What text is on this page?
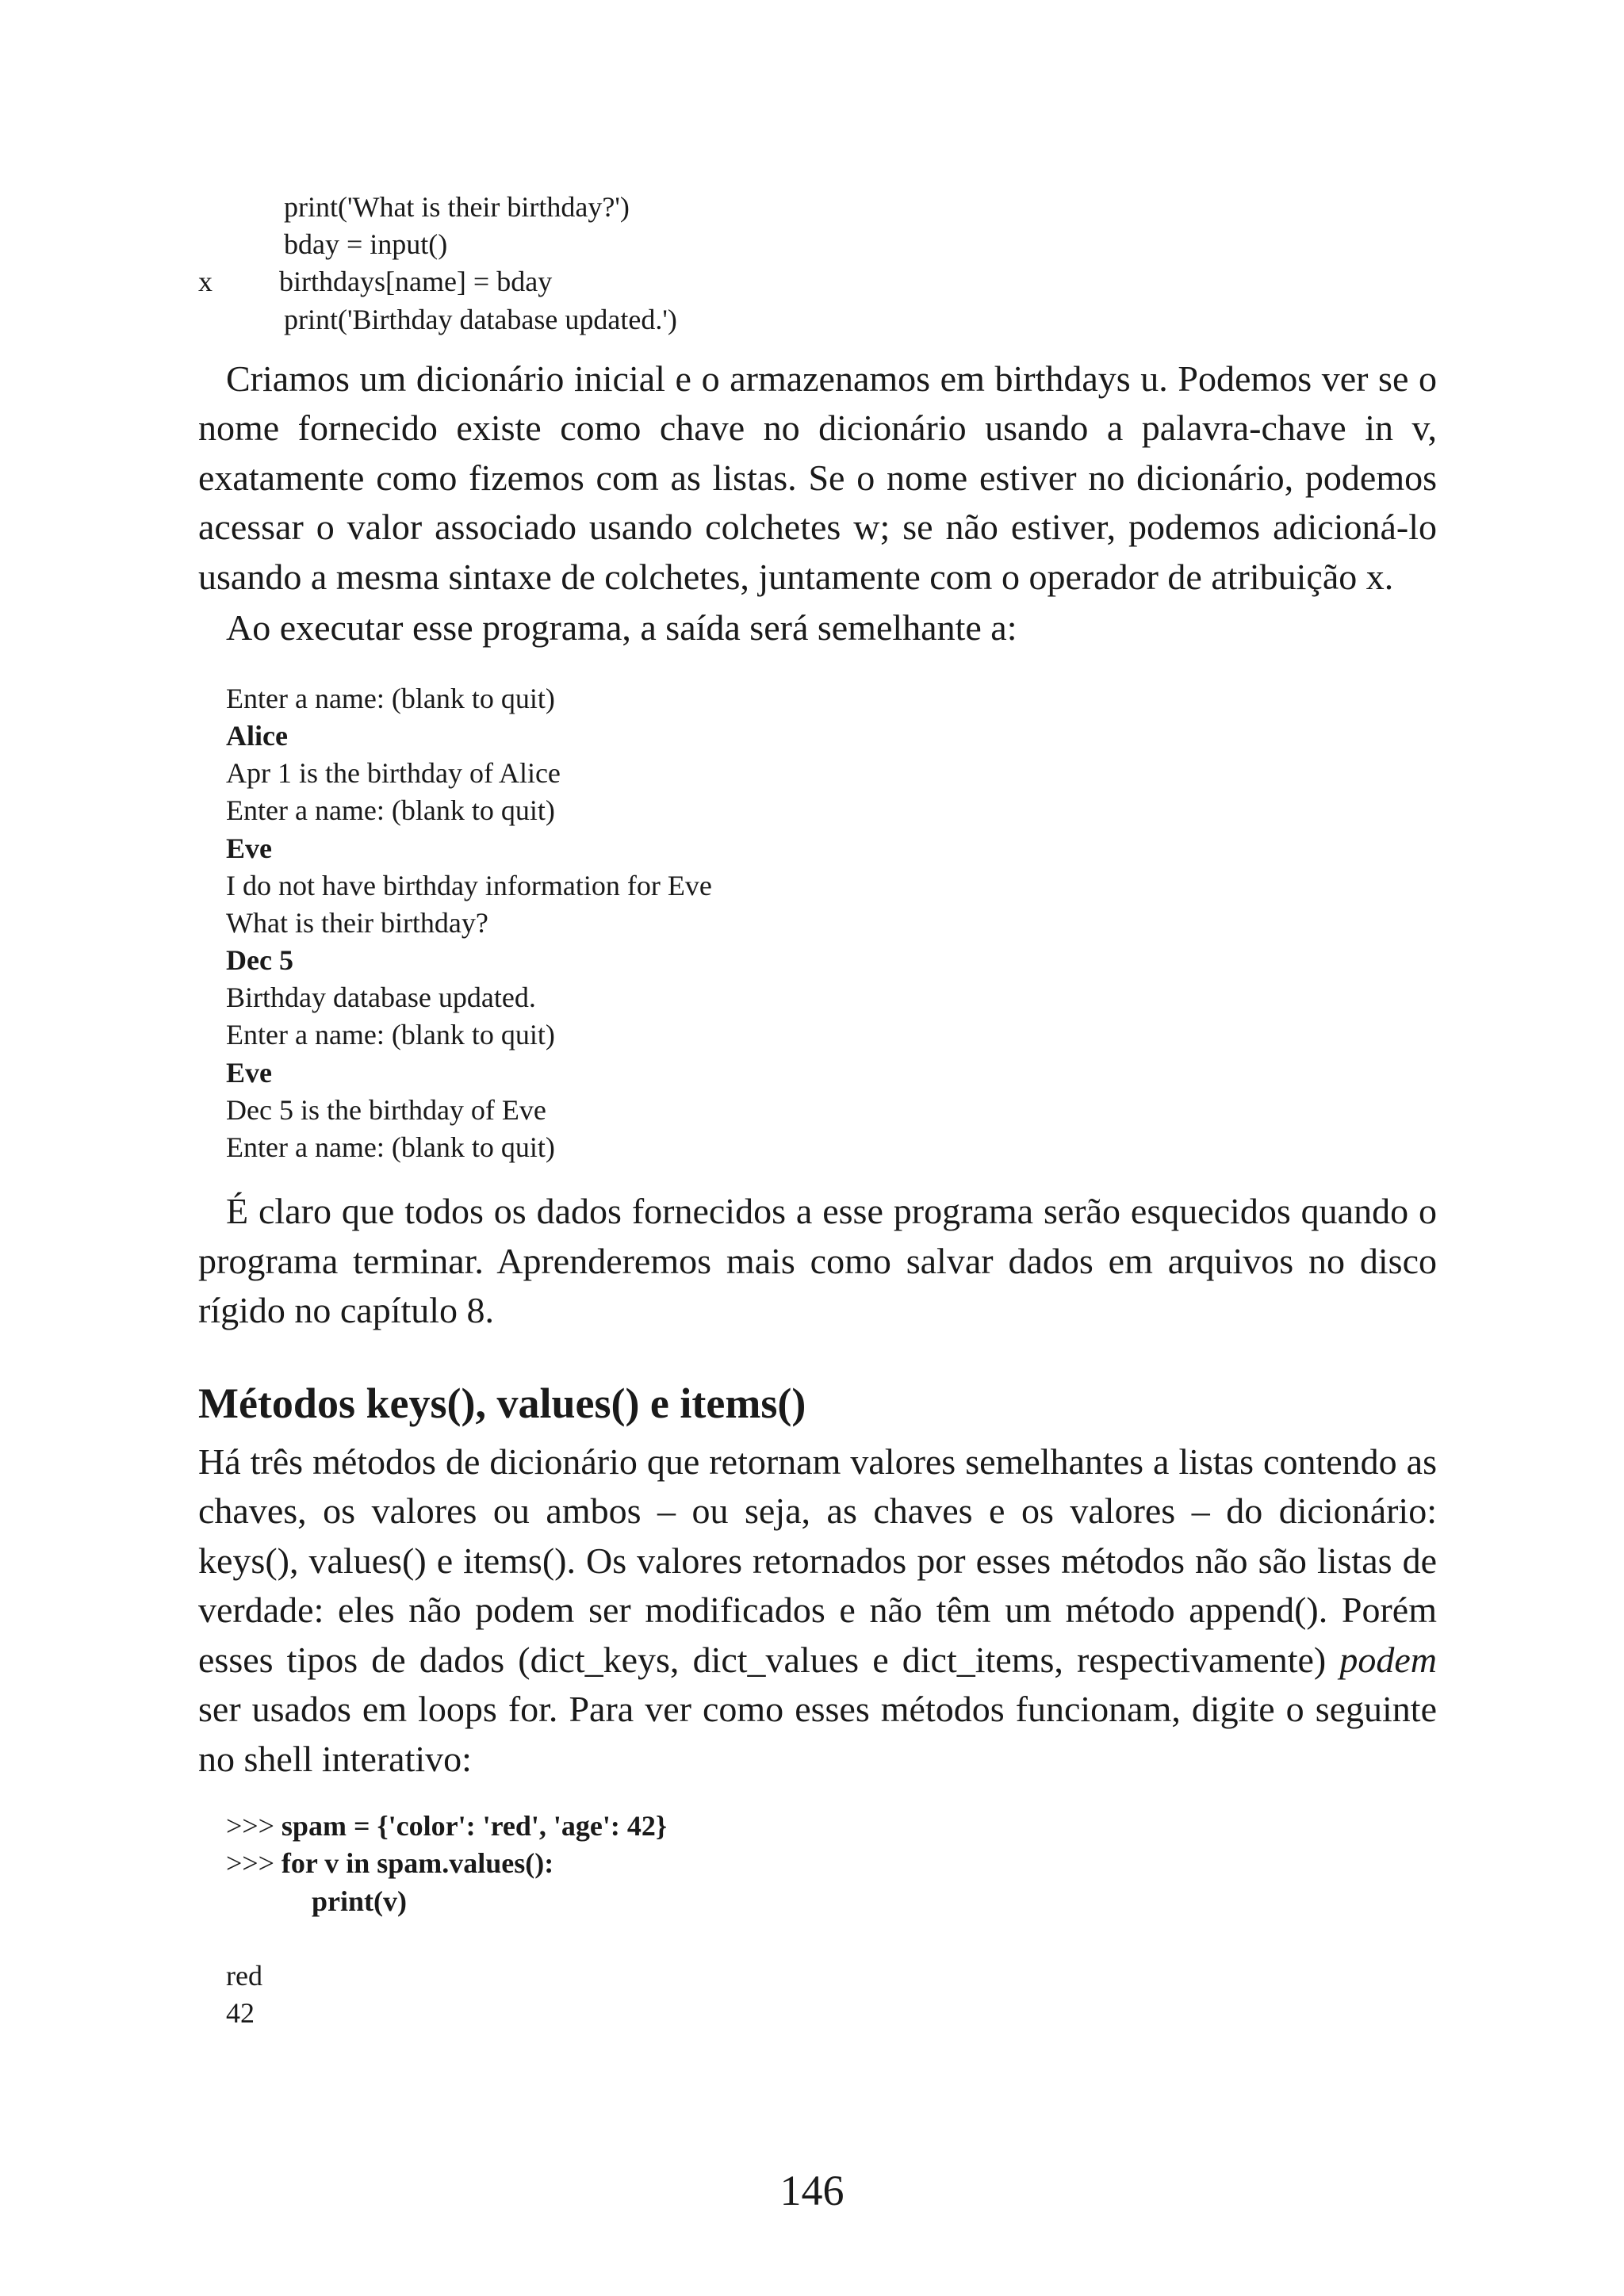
print('What is their birthday?')
bday = input()
x birthdays[name] = bday
print('Birthday database updated.')

Criamos um dicionário inicial e o armazenamos em birthdays u. Podemos ver se o nome fornecido existe como chave no dicionário usando a palavra-chave in v, exatamente como fizemos com as listas. Se o nome estiver no dicionário, podemos acessar o valor associado usando colchetes w; se não estiver, podemos adicioná-lo usando a mesma sintaxe de colchetes, juntamente com o operador de atribuição x.

Ao executar esse programa, a saída será semelhante a:

Enter a name: (blank to quit)
Alice
Apr 1 is the birthday of Alice
Enter a name: (blank to quit)
Eve
I do not have birthday information for Eve
What is their birthday?
Dec 5
Birthday database updated.
Enter a name: (blank to quit)
Eve
Dec 5 is the birthday of Eve
Enter a name: (blank to quit)

É claro que todos os dados fornecidos a esse programa serão esquecidos quando o programa terminar. Aprenderemos mais como salvar dados em arquivos no disco rígido no capítulo 8.

Métodos keys(), values() e items()

Há três métodos de dicionário que retornam valores semelhantes a listas contendo as chaves, os valores ou ambos – ou seja, as chaves e os valores – do dicionário: keys(), values() e items(). Os valores retornados por esses métodos não são listas de verdade: eles não podem ser modificados e não têm um método append(). Porém esses tipos de dados (dict_keys, dict_values e dict_items, respectivamente) podem ser usados em loops for. Para ver como esses métodos funcionam, digite o seguinte no shell interativo:

>>> spam = {'color': 'red', 'age': 42}
>>> for v in spam.values():
print(v)
red
42
146
